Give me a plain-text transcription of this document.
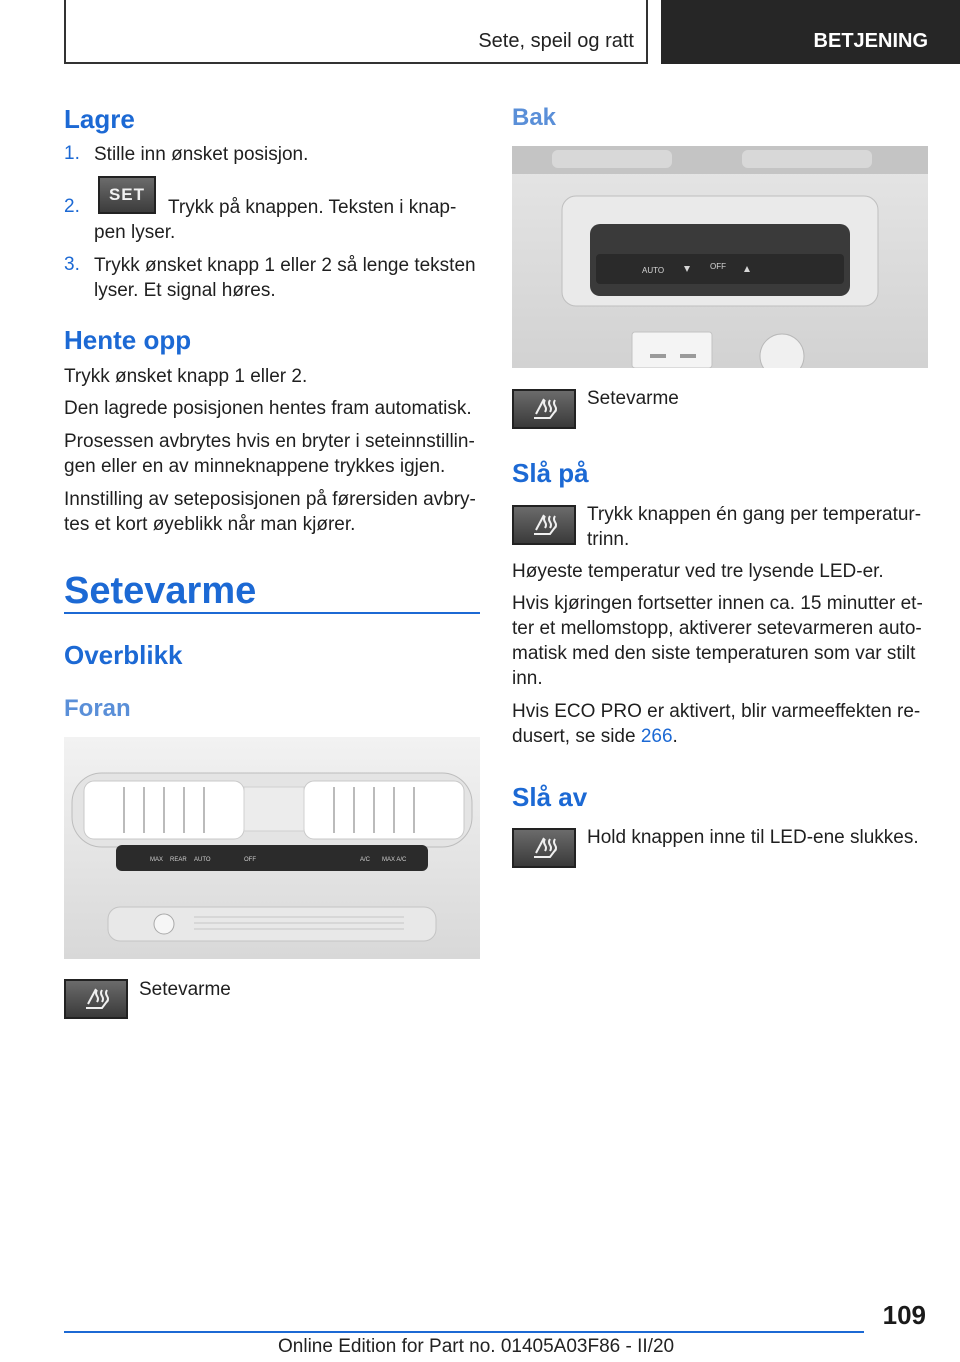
Sete, speil og ratt	BETJENING
Lagre
1. Stille inn ønsket posisjon.
2.
SET
Trykk på knappen. Teksten i knap-
pen lyser.
3. Trykk ønsket knapp 1 eller 2 så lenge teksten
lyser. Et signal høres.
Hente opp

Trykk ønsket knapp 1 eller 2.

Den lagrede posisjonen hentes fram automatisk.

Prosessen avbrytes hvis en bryter i seteinnstillin-

gen eller en av minneknappene trykkes igjen.

Innstilling av seteposisjonen på førersiden avbry-

tes et kort øyeblikk når man kjører.

Setevarme
Overblikk
Foran
MAX REAR AUTO	OFF	A/C MAX A/C
Setevarme
Bak
AUTO	OFF
Setevarme
Slå på
Trykk knappen én gang per temperatur-
trinn.

Høyeste temperatur ved tre lysende LED-er.

Hvis kjøringen fortsetter innen ca. 15 minutter et-

ter et mellomstopp, aktiverer setevarmeren auto-

matisk med den siste temperaturen som var stilt

inn.

Hvis ECO PRO er aktivert, blir varmeeffekten re-

dusert, se side 266.

Slå av
Hold knappen inne til LED-ene slukkes.
109
Online Edition for Part no. 01405A03F86 - II/20
